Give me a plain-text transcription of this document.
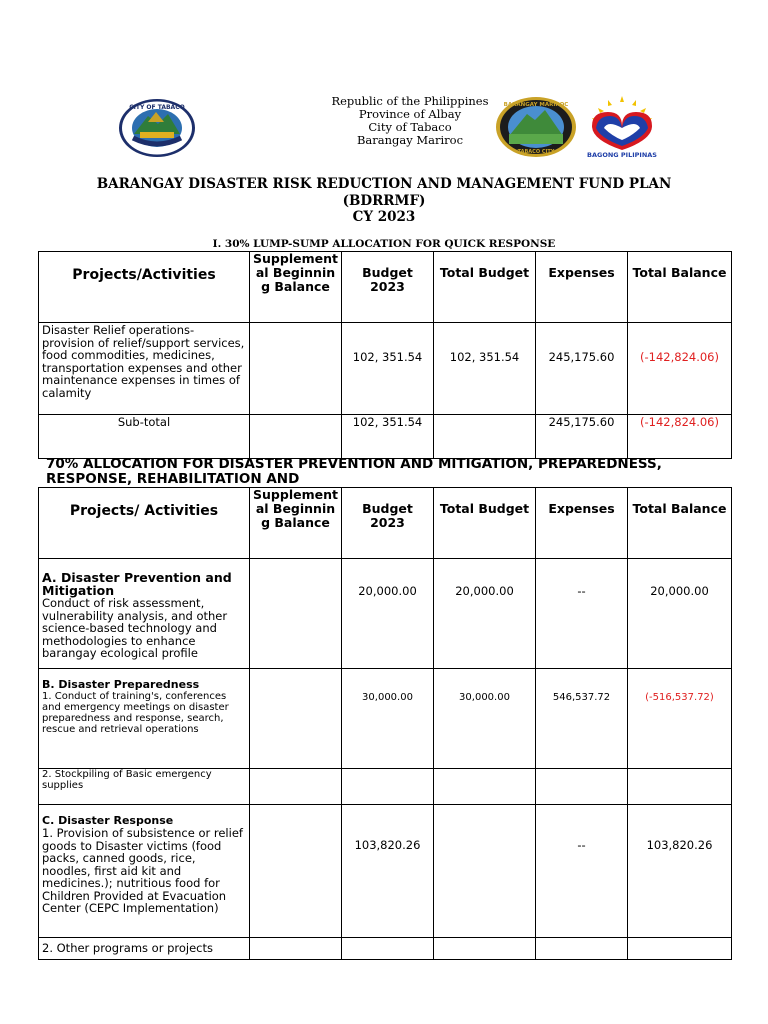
CITY OF TABACO
PHILIPPINES
Republic of the Philippines
Province of Albay
City of Tabaco
Barangay Mariroc
BARANGAY MARIROC
TABACO CITY	BAGONG PILIPINAS
BARANGAY DISASTER RISK REDUCTION AND MANAGEMENT FUND PLAN
(BDRRMF)
CY 2023
I. 30% LUMP-SUMP ALLOCATION FOR QUICK RESPONSE
Projects/Activities	Supplemental Beginning Balance	Budget 2023	Total Budget	Expenses	Total Balance
Disaster Relief operations-provision of relief/support services, food commodities, medicines, transportation expenses and other maintenance expenses in times of calamity		102, 351.54	102, 351.54	245,175.60	(-142,824.06)
Sub-total		102, 351.54		245,175.60	(-142,824.06)
70% ALLOCATION FOR DISASTER PREVENTION AND MITIGATION, PREPAREDNESS, RESPONSE, REHABILITATION AND
Projects/ Activities	Supplemental Beginning Balance	Budget 2023	Total Budget	Expenses	Total Balance

A. Disaster Prevention and Mitigation
Conduct of risk assessment, vulnerability analysis, and other science-based technology and methodologies to enhance barangay ecological profile		20,000.00	20,000.00	--	20,000.00

B. Disaster Preparedness
1. Conduct of training's, conferences and emergency meetings on disaster preparedness and response, search, rescue and retrieval operations		30,000.00	30,000.00	546,537.72	(-516,537.72)
2. Stockpiling of Basic emergency supplies					

C. Disaster Response
1. Provision of subsistence or relief goods to Disaster victims (food packs, canned goods, rice, noodles, first aid kit and medicines.); nutritious food for Children Provided at Evacuation Center (CEPC Implementation)		103,820.26		--	103,820.26
2. Other programs or projects					
